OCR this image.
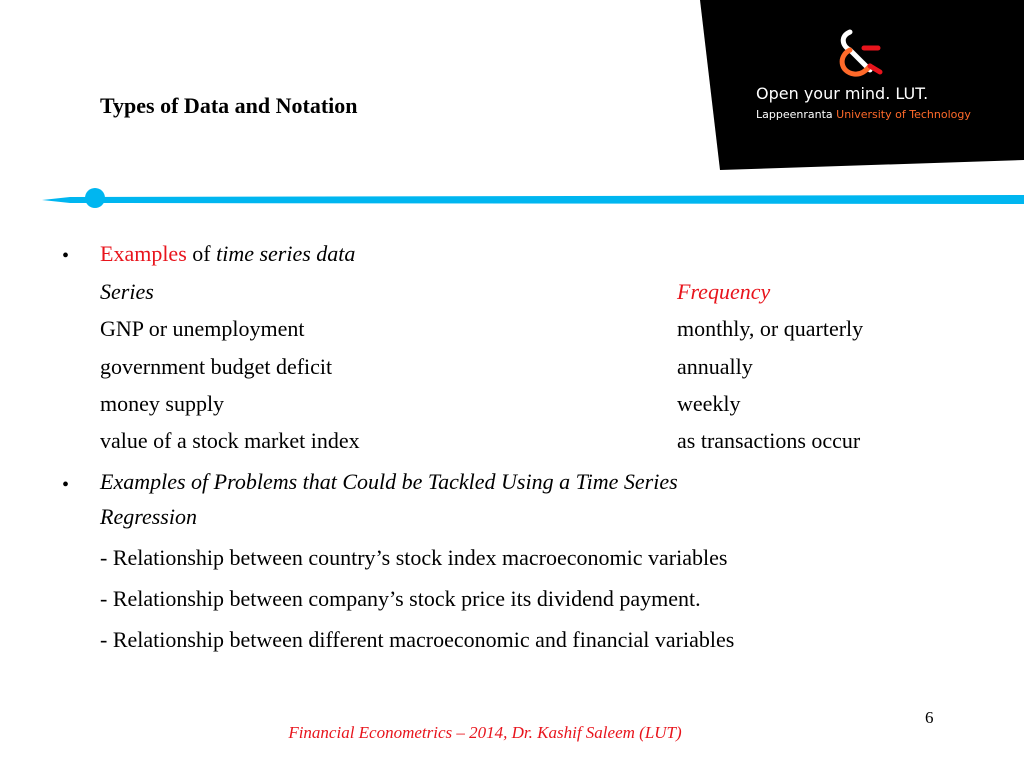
Types of Data and Notation	Open your mind. LUT.
Lappeenranta University of Technology
• Examples of time series data
Series	Frequency
GNP or unemployment	monthly, or quarterly
government budget deficit	annually
money supply	weekly
value of a stock market index	as transactions occur
• Examples of Problems that Could be Tackled Using a Time Series
Regression
- Relationship between country’s stock index macroeconomic variables
- Relationship between company’s stock price its dividend payment.
- Relationship between different macroeconomic and financial variables
6
Financial Econometrics – 2014, Dr. Kashif Saleem (LUT)
